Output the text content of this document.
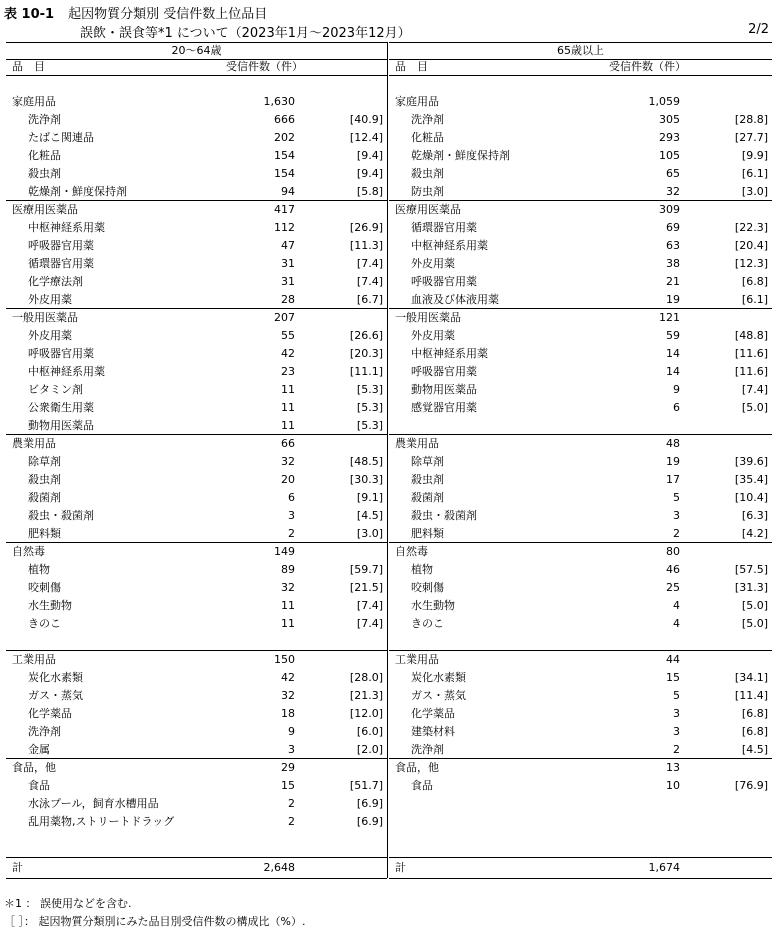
表 10-1 起因物質分類別 受信件数上位品目
誤飲・誤食等*1 について（2023年1月～2023年12月）	2/2
20～64歳
品　目	受信件数（件）
計	2,648
家庭用品	1,630
洗浄剤	666	[40.9]
たばこ関連品	202	[12.4]
化粧品	154	[9.4]
殺虫剤	154	[9.4]
乾燥剤・鮮度保持剤	94	[5.8]
医療用医薬品	417
中枢神経系用薬	112	[26.9]
呼吸器官用薬	47	[11.3]
循環器官用薬	31	[7.4]
化学療法剤	31	[7.4]
外皮用薬	28	[6.7]
一般用医薬品	207
外皮用薬	55	[26.6]
呼吸器官用薬	42	[20.3]
中枢神経系用薬	23	[11.1]
ビタミン剤	11	[5.3]
公衆衛生用薬	11	[5.3]
動物用医薬品	11	[5.3]
農業用品	66
除草剤	32	[48.5]
殺虫剤	20	[30.3]
殺菌剤	6	[9.1]
殺虫・殺菌剤	3	[4.5]
肥料類	2	[3.0]
自然毒	149
植物	89	[59.7]
咬刺傷	32	[21.5]
水生動物	11	[7.4]
きのこ	11	[7.4]
工業用品	150
炭化水素類	42	[28.0]
ガス・蒸気	32	[21.3]
化学薬品	18	[12.0]
洗浄剤	9	[6.0]
金属	3	[2.0]
食品，他	29
食品	15	[51.7]
水泳プール，飼育水槽用品	2	[6.9]
乱用薬物,ストリートドラッグ	2	[6.9]
65歳以上
品　目	受信件数（件）
計	1,674
家庭用品	1,059
洗浄剤	305	[28.8]
化粧品	293	[27.7]
乾燥剤・鮮度保持剤	105	[9.9]
殺虫剤	65	[6.1]
防虫剤	32	[3.0]
医療用医薬品	309
循環器官用薬	69	[22.3]
中枢神経系用薬	63	[20.4]
外皮用薬	38	[12.3]
呼吸器官用薬	21	[6.8]
血液及び体液用薬	19	[6.1]
一般用医薬品	121
外皮用薬	59	[48.8]
中枢神経系用薬	14	[11.6]
呼吸器官用薬	14	[11.6]
動物用医薬品	9	[7.4]
感覚器官用薬	6	[5.0]
農業用品	48
除草剤	19	[39.6]
殺虫剤	17	[35.4]
殺菌剤	5	[10.4]
殺虫・殺菌剤	3	[6.3]
肥料類	2	[4.2]
自然毒	80
植物	46	[57.5]
咬刺傷	25	[31.3]
水生動物	4	[5.0]
きのこ	4	[5.0]
工業用品	44
炭化水素類	15	[34.1]
ガス・蒸気	5	[11.4]
化学薬品	3	[6.8]
建築材料	3	[6.8]
洗浄剤	2	[4.5]
食品，他	13
食品	10	[76.9]
＊1 ： 誤使用などを含む.
［ ］： 起因物質分類別にみた品目別受信件数の構成比（%）.
